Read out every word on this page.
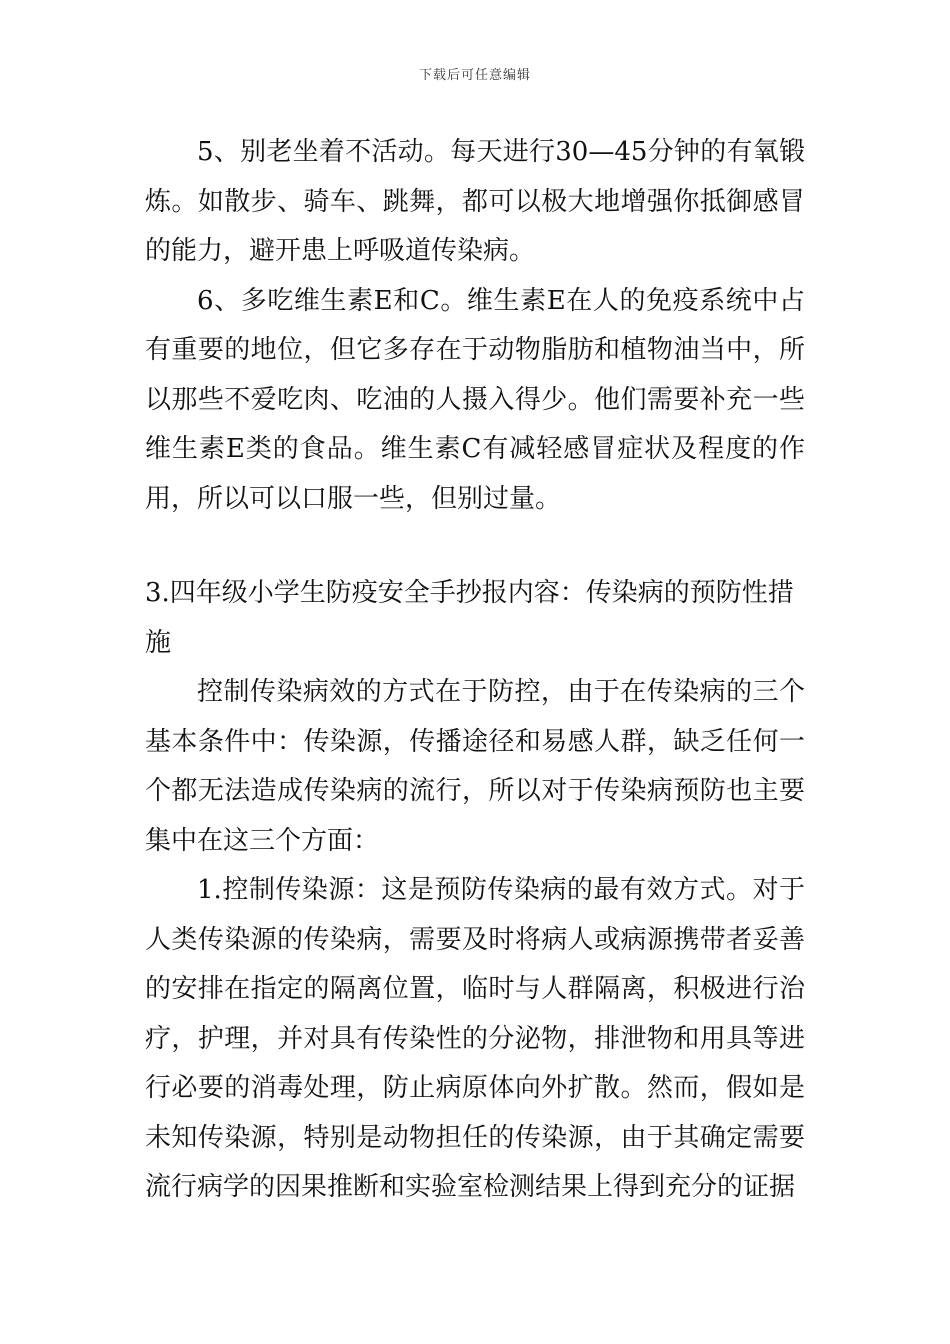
下载后可任意编辑

5、别老坐着不活动。每天进行30—45分钟的有氧锻炼。如散步、骑车、跳舞，都可以极大地增强你抵御感冒的能力，避开患上呼吸道传染病。

6、多吃维生素E和C。维生素E在人的免疫系统中占有重要的地位，但它多存在于动物脂肪和植物油当中，所以那些不爱吃肉、吃油的人摄入得少。他们需要补充一些维生素E类的食品。维生素C有减轻感冒症状及程度的作用，所以可以口服一些，但别过量。

3.四年级小学生防疫安全手抄报内容：传染病的预防性措施

控制传染病效的方式在于防控，由于在传染病的三个基本条件中：传染源，传播途径和易感人群，缺乏任何一个都无法造成传染病的流行，所以对于传染病预防也主要集中在这三个方面：

1.控制传染源：这是预防传染病的最有效方式。对于人类传染源的传染病，需要及时将病人或病源携带者妥善的安排在指定的隔离位置，临时与人群隔离，积极进行治疗，护理，并对具有传染性的分泌物，排泄物和用具等进行必要的消毒处理，防止病原体向外扩散。然而，假如是未知传染源，特别是动物担任的传染源，由于其确定需要流行病学的因果推断和实验室检测结果上得到充分的证据
